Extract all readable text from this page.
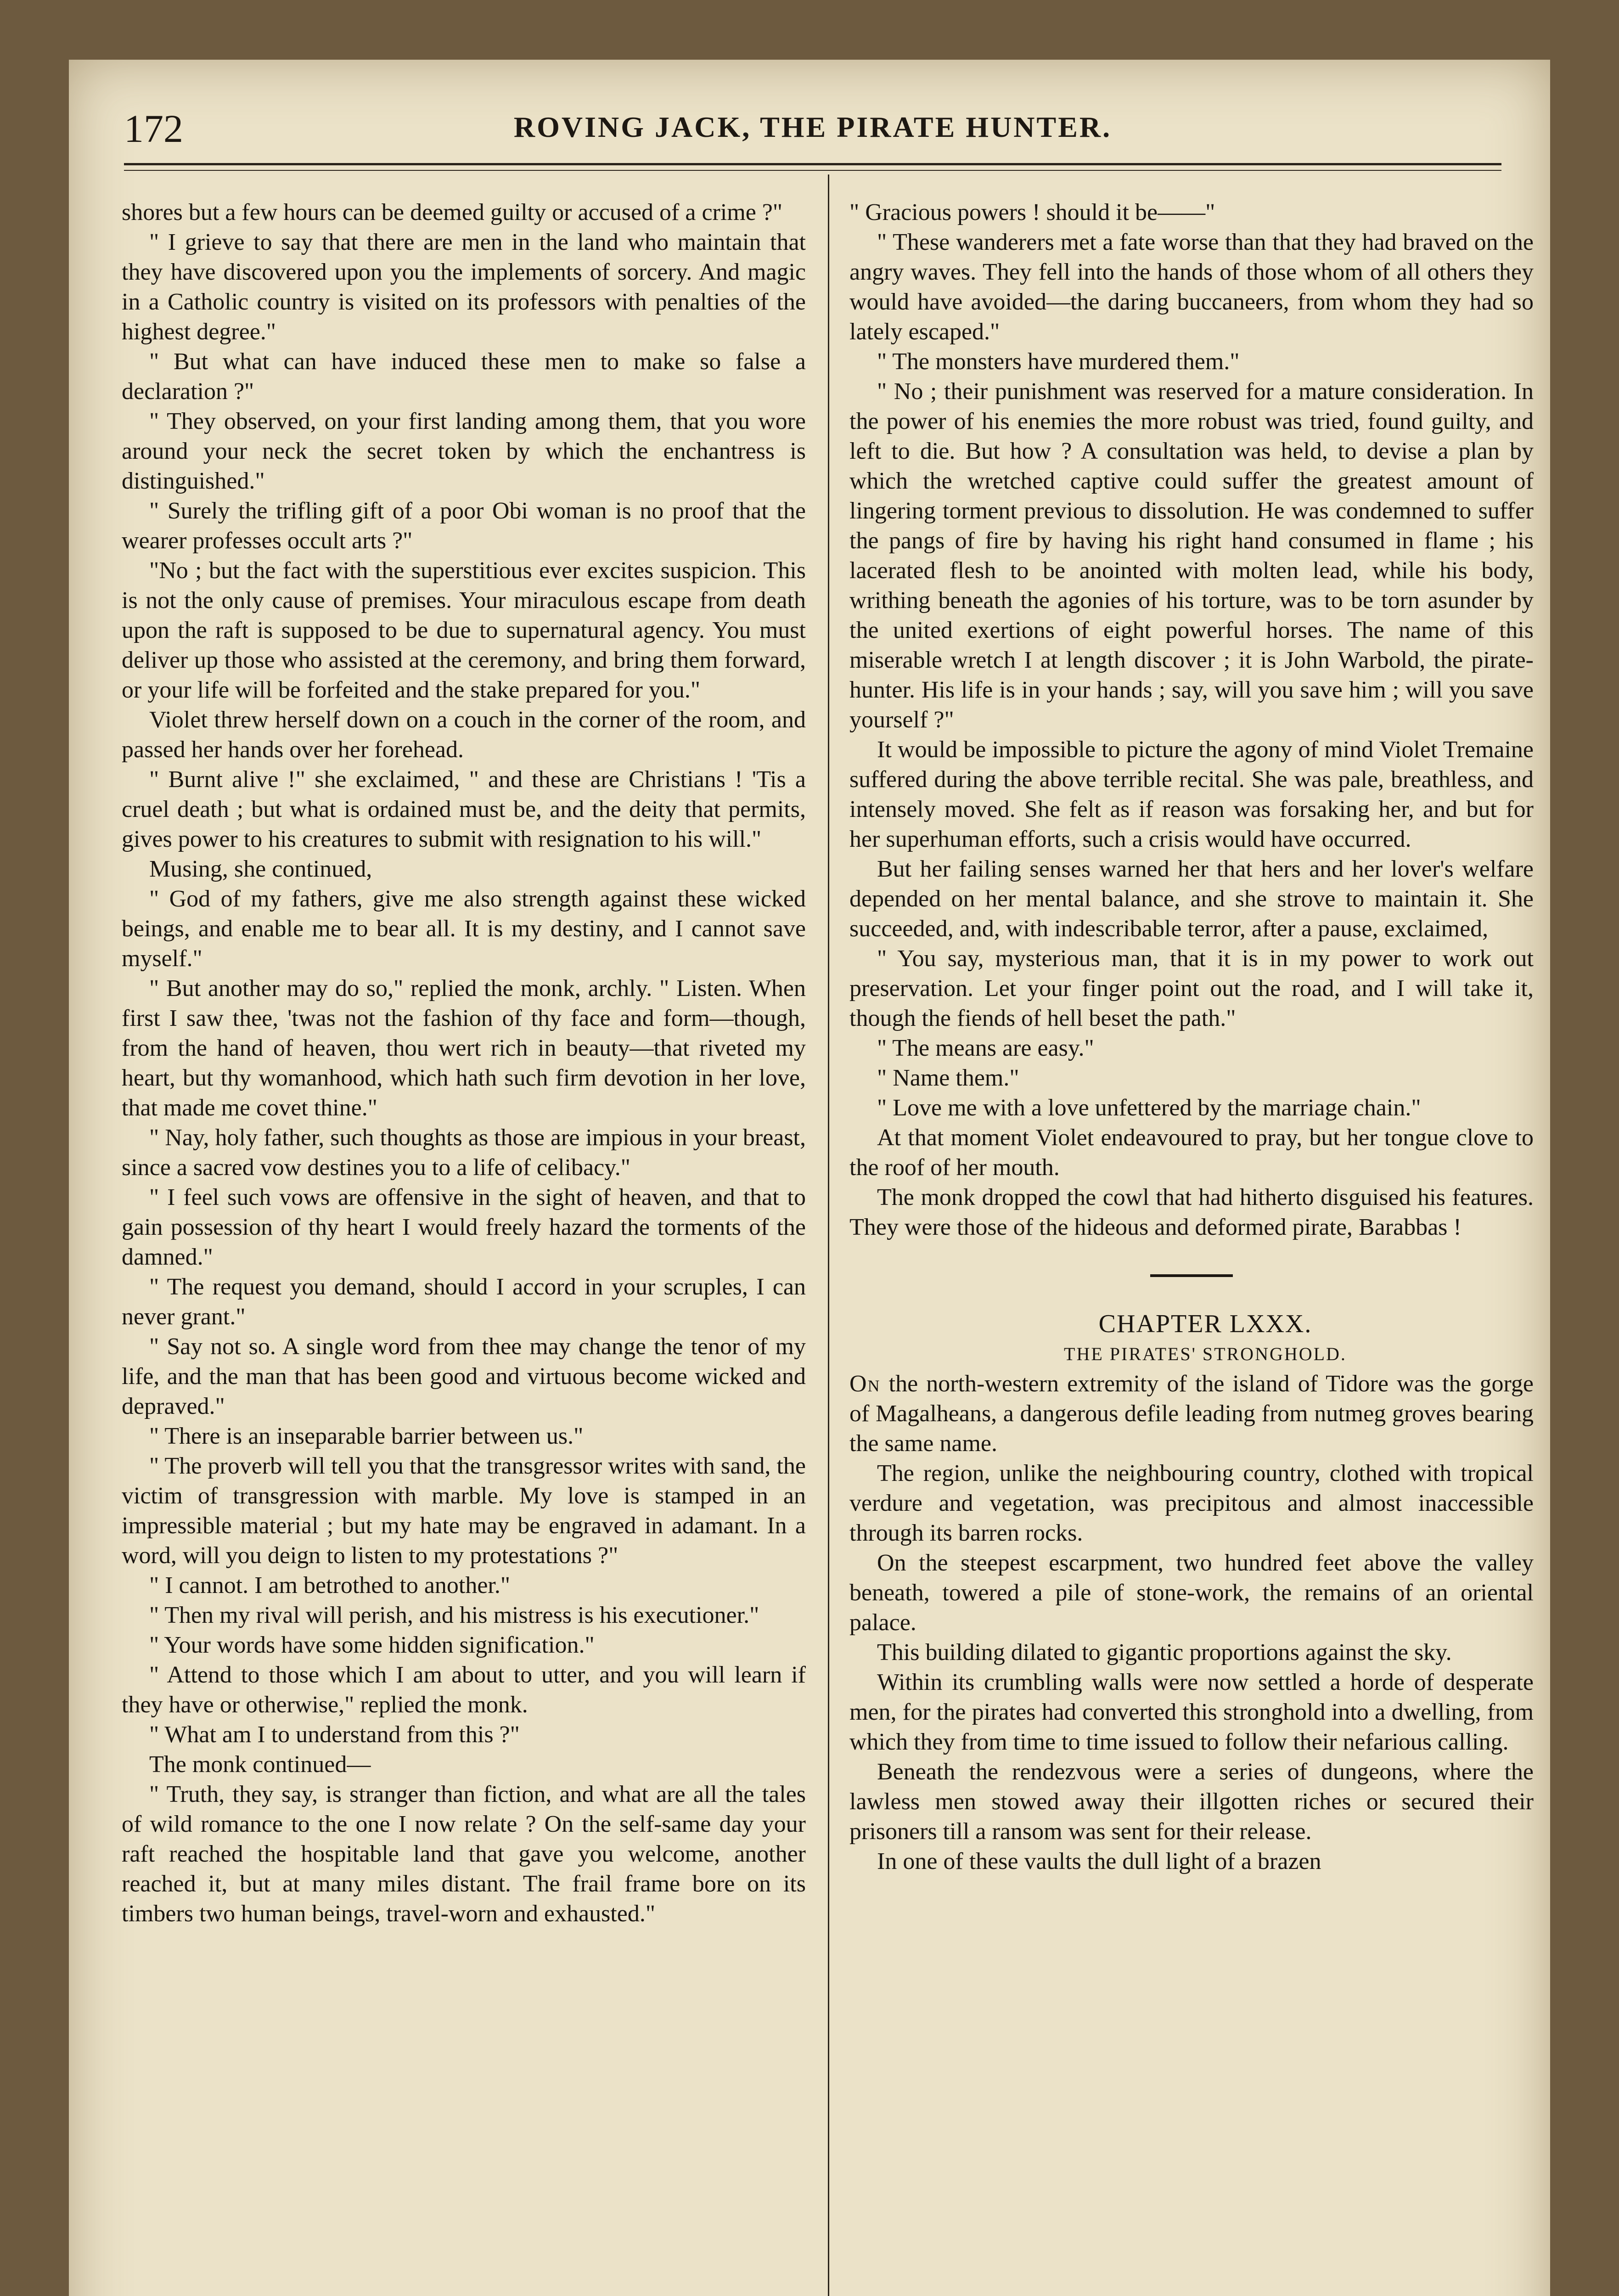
172	ROVING JACK, THE PIRATE HUNTER.

shores but a few hours can be deemed guilty or accused of a crime ?"

" I grieve to say that there are men in the land who maintain that they have discovered upon you the implements of sorcery. And magic in a Catholic country is visited on its professors with penalties of the highest degree."

" But what can have induced these men to make so false a declaration ?"

" They observed, on your first landing among them, that you wore around your neck the secret token by which the enchantress is distinguished."

" Surely the trifling gift of a poor Obi woman is no proof that the wearer professes occult arts ?"

"No ; but the fact with the superstitious ever excites suspicion. This is not the only cause of premises. Your miraculous escape from death upon the raft is supposed to be due to supernatural agency. You must deliver up those who assisted at the ceremony, and bring them forward, or your life will be forfeited and the stake prepared for you."

Violet threw herself down on a couch in the corner of the room, and passed her hands over her forehead.

" Burnt alive !" she exclaimed, " and these are Christians ! 'Tis a cruel death ; but what is ordained must be, and the deity that permits, gives power to his creatures to submit with resignation to his will."

Musing, she continued,

" God of my fathers, give me also strength against these wicked beings, and enable me to bear all. It is my destiny, and I cannot save myself."

" But another may do so," replied the monk, archly. " Listen. When first I saw thee, 'twas not the fashion of thy face and form—though, from the hand of heaven, thou wert rich in beauty—that riveted my heart, but thy womanhood, which hath such firm devotion in her love, that made me covet thine."

" Nay, holy father, such thoughts as those are impious in your breast, since a sacred vow destines you to a life of celibacy."

" I feel such vows are offensive in the sight of heaven, and that to gain possession of thy heart I would freely hazard the torments of the damned."

" The request you demand, should I accord in your scruples, I can never grant."

" Say not so. A single word from thee may change the tenor of my life, and the man that has been good and virtuous become wicked and depraved."

" There is an inseparable barrier between us."

" The proverb will tell you that the transgressor writes with sand, the victim of transgression with marble. My love is stamped in an impressible material ; but my hate may be engraved in adamant. In a word, will you deign to listen to my protestations ?"

" I cannot. I am betrothed to another."

" Then my rival will perish, and his mistress is his executioner."

" Your words have some hidden signification."

" Attend to those which I am about to utter, and you will learn if they have or otherwise," replied the monk.

" What am I to understand from this ?"

The monk continued—

" Truth, they say, is stranger than fiction, and what are all the tales of wild romance to the one I now relate ? On the self-same day your raft reached the hospitable land that gave you welcome, another reached it, but at many miles distant. The frail frame bore on its timbers two human beings, travel-worn and exhausted."

" Gracious powers ! should it be——"

" These wanderers met a fate worse than that they had braved on the angry waves. They fell into the hands of those whom of all others they would have avoided—the daring buccaneers, from whom they had so lately escaped."

" The monsters have murdered them."

" No ; their punishment was reserved for a mature consideration. In the power of his enemies the more robust was tried, found guilty, and left to die. But how ? A consultation was held, to devise a plan by which the wretched captive could suffer the greatest amount of lingering torment previous to dissolution. He was condemned to suffer the pangs of fire by having his right hand consumed in flame ; his lacerated flesh to be anointed with molten lead, while his body, writhing beneath the agonies of his torture, was to be torn asunder by the united exertions of eight powerful horses. The name of this miserable wretch I at length discover ; it is John Warbold, the pirate-hunter. His life is in your hands ; say, will you save him ; will you save yourself ?"

It would be impossible to picture the agony of mind Violet Tremaine suffered during the above terrible recital. She was pale, breathless, and intensely moved. She felt as if reason was forsaking her, and but for her superhuman efforts, such a crisis would have occurred.

But her failing senses warned her that hers and her lover's welfare depended on her mental balance, and she strove to maintain it. She succeeded, and, with indescribable terror, after a pause, exclaimed,

" You say, mysterious man, that it is in my power to work out preservation. Let your finger point out the road, and I will take it, though the fiends of hell beset the path."

" The means are easy."

" Name them."

" Love me with a love unfettered by the marriage chain."

At that moment Violet endeavoured to pray, but her tongue clove to the roof of her mouth.

The monk dropped the cowl that had hitherto disguised his features. They were those of the hideous and deformed pirate, Barabbas !

CHAPTER LXXX.

THE PIRATES' STRONGHOLD.

On the north-western extremity of the island of Tidore was the gorge of Magalheans, a dangerous defile leading from nutmeg groves bearing the same name.

The region, unlike the neighbouring country, clothed with tropical verdure and vegetation, was precipitous and almost inaccessible through its barren rocks.

On the steepest escarpment, two hundred feet above the valley beneath, towered a pile of stone-work, the remains of an oriental palace.

This building dilated to gigantic proportions against the sky.

Within its crumbling walls were now settled a horde of desperate men, for the pirates had converted this stronghold into a dwelling, from which they from time to time issued to follow their nefarious calling.

Beneath the rendezvous were a series of dungeons, where the lawless men stowed away their illgotten riches or secured their prisoners till a ransom was sent for their release.

In one of these vaults the dull light of a brazen
